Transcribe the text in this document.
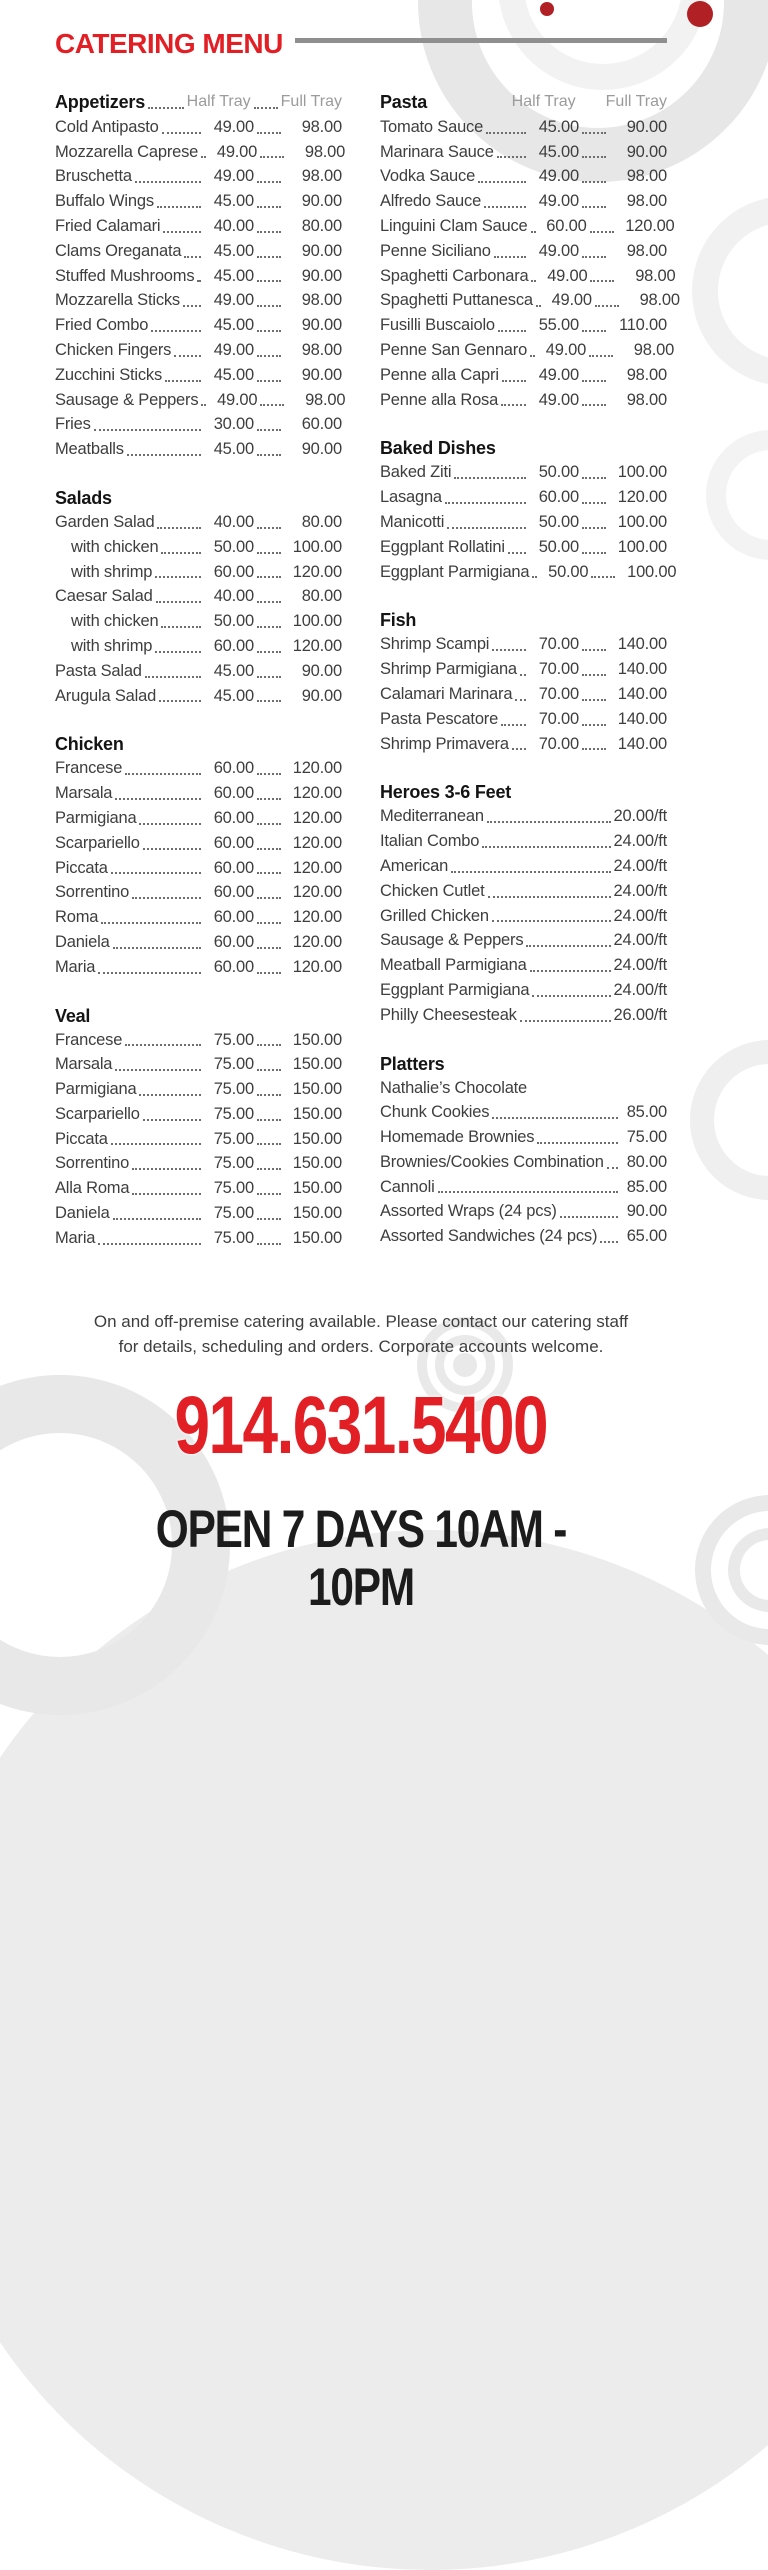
CATERING MENU
Appetizers	Half Tray Full Tray
Cold Antipasto	49.00	98.00
Mozzarella Caprese	49.00	98.00
Bruschetta	49.00	98.00
Buffalo Wings	45.00	90.00
Fried Calamari	40.00	80.00
Clams Oreganata	45.00	90.00
Stuffed Mushrooms	45.00	90.00
Mozzarella Sticks	49.00	98.00
Fried Combo	45.00	90.00
Chicken Fingers	49.00	98.00
Zucchini Sticks	45.00	90.00
Sausage & Peppers	49.00	98.00
Fries	30.00	60.00
Meatballs	45.00	90.00
Salads
Garden Salad	40.00	80.00
with chicken	50.00	100.00
with shrimp	60.00	120.00
Caesar Salad	40.00	80.00
with chicken	50.00	100.00
with shrimp	60.00	120.00
Pasta Salad	45.00	90.00
Arugula Salad	45.00	90.00
Chicken
Francese	60.00	120.00
Marsala	60.00	120.00
Parmigiana	60.00	120.00
Scarpariello	60.00	120.00
Piccata	60.00	120.00
Sorrentino	60.00	120.00
Roma	60.00	120.00
Daniela	60.00	120.00
Maria	60.00	120.00
Veal
Francese	75.00	150.00
Marsala	75.00	150.00
Parmigiana	75.00	150.00
Scarpariello	75.00	150.00
Piccata	75.00	150.00
Sorrentino	75.00	150.00
Alla Roma	75.00	150.00
Daniela	75.00	150.00
Maria	75.00	150.00
Pasta	Half Tray Full Tray
Tomato Sauce	45.00	90.00
Marinara Sauce	45.00	90.00
Vodka Sauce	49.00	98.00
Alfredo Sauce	49.00	98.00
Linguini Clam Sauce	60.00	120.00
Penne Siciliano	49.00	98.00
Spaghetti Carbonara	49.00	98.00
Spaghetti Puttanesca	49.00	98.00
Fusilli Buscaiolo	55.00	110.00
Penne San Gennaro	49.00	98.00
Penne alla Capri	49.00	98.00
Penne alla Rosa	49.00	98.00
Baked Dishes
Baked Ziti	50.00	100.00
Lasagna	60.00	120.00
Manicotti	50.00	100.00
Eggplant Rollatini	50.00	100.00
Eggplant Parmigiana	50.00	100.00
Fish
Shrimp Scampi	70.00	140.00
Shrimp Parmigiana	70.00	140.00
Calamari Marinara	70.00	140.00
Pasta Pescatore	70.00	140.00
Shrimp Primavera	70.00	140.00
Heroes 3-6 Feet
Mediterranean	20.00/ft
Italian Combo	24.00/ft
American	24.00/ft
Chicken Cutlet	24.00/ft
Grilled Chicken	24.00/ft
Sausage & Peppers	24.00/ft
Meatball Parmigiana	24.00/ft
Eggplant Parmigiana	24.00/ft
Philly Cheesesteak	26.00/ft
Platters
Nathalie’s Chocolate
Chunk Cookies	85.00
Homemade Brownies	75.00
Brownies/Cookies Combination	80.00
Cannoli	85.00
Assorted Wraps (24 pcs)	90.00
Assorted Sandwiches (24 pcs)	65.00
On and off-premise catering available. Please contact our catering staff
for details, scheduling and orders. Corporate accounts welcome.
914.631.5400
OPEN 7 DAYS 10AM - 10PM
